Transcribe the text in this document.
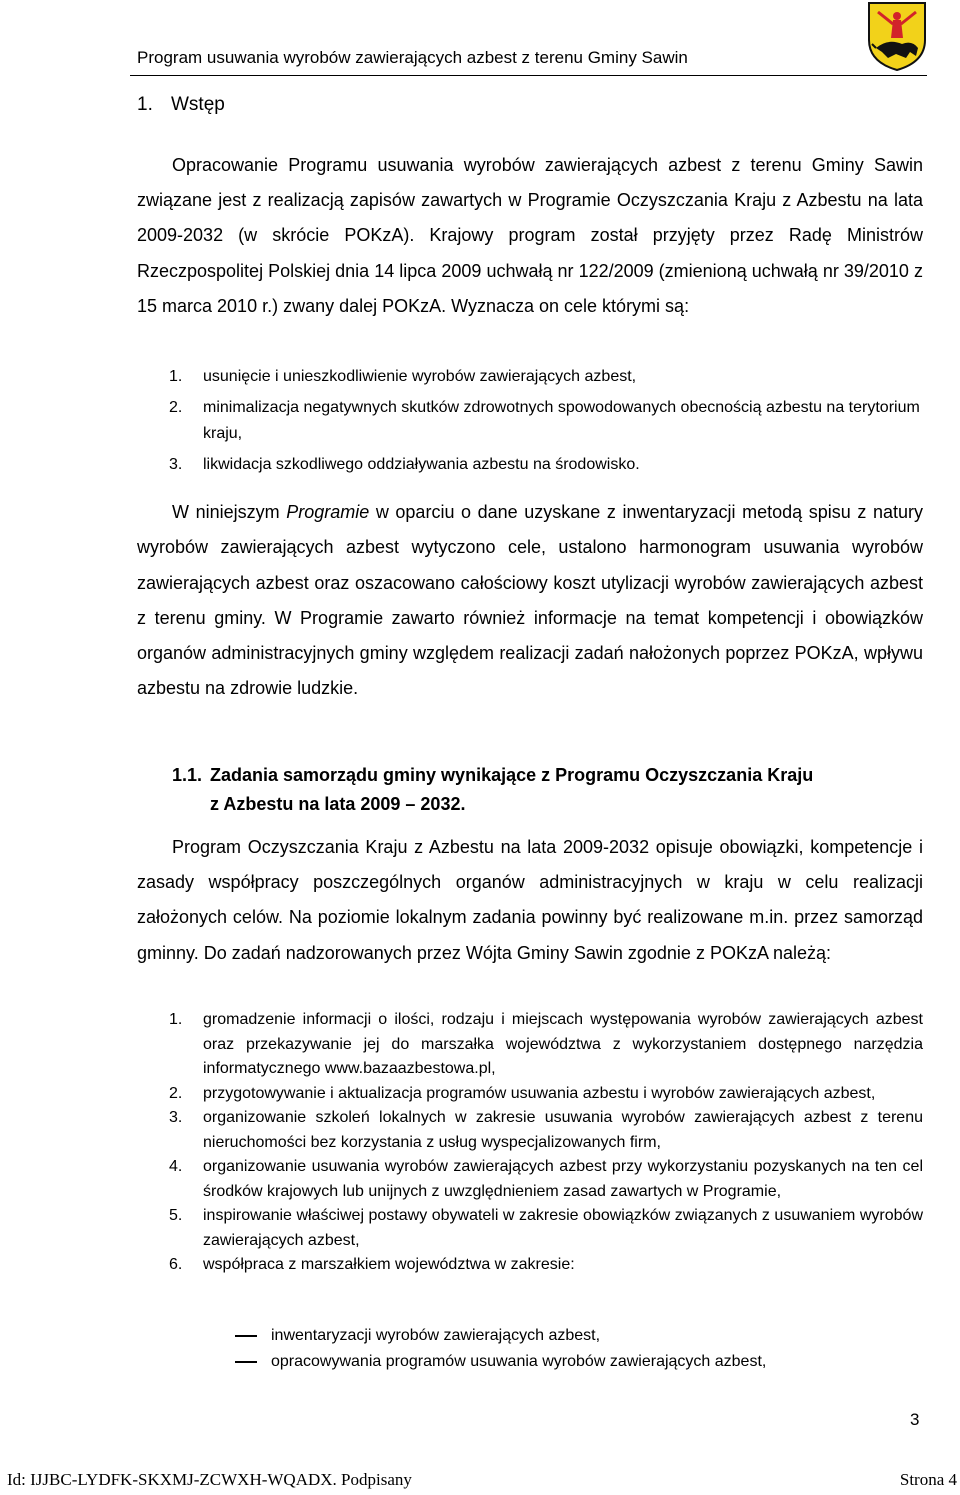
Program usuwania wyrobów zawierających azbest z terenu Gminy Sawin
1. Wstęp

Opracowanie Programu usuwania wyrobów zawierających azbest z terenu Gminy Sawin związane jest z realizacją zapisów zawartych w Programie Oczyszczania Kraju z Azbestu na lata 2009-2032 (w skrócie POKzA). Krajowy program został przyjęty przez Radę Ministrów Rzeczpospolitej Polskiej dnia 14 lipca 2009 uchwałą nr 122/2009 (zmienioną uchwałą nr 39/2010 z 15 marca 2010 r.) zwany dalej POKzA. Wyznacza on cele którymi są:

1. usunięcie i unieszkodliwienie wyrobów zawierających azbest,
2. minimalizacja negatywnych skutków zdrowotnych spowodowanych obecnością azbestu na terytorium kraju,
3. likwidacja szkodliwego oddziaływania azbestu na środowisko.

W niniejszym Programie w oparciu o dane uzyskane z inwentaryzacji metodą spisu z natury wyrobów zawierających azbest wytyczono cele, ustalono harmonogram usuwania wyrobów zawierających azbest oraz oszacowano całościowy koszt utylizacji wyrobów zawierających azbest z terenu gminy. W Programie zawarto również informacje na temat kompetencji i obowiązków organów administracyjnych gminy względem realizacji zadań nałożonych poprzez POKzA, wpływu azbestu na zdrowie ludzkie.

1.1. Zadania samorządu gminy wynikające z Programu Oczyszczania Kraju
z Azbestu na lata 2009 – 2032.

Program Oczyszczania Kraju z Azbestu na lata 2009-2032 opisuje obowiązki, kompetencje i zasady współpracy poszczególnych organów administracyjnych w kraju w celu realizacji założonych celów. Na poziomie lokalnym zadania powinny być realizowane m.in. przez samorząd gminny. Do zadań nadzorowanych przez Wójta Gminy Sawin zgodnie z POKzA należą:

1. gromadzenie informacji o ilości, rodzaju i miejscach występowania wyrobów zawierających azbest oraz przekazywanie jej do marszałka województwa z wykorzystaniem dostępnego narzędzia informatycznego www.bazaazbestowa.pl,
2. przygotowywanie i aktualizacja programów usuwania azbestu i wyrobów zawierających azbest,
3. organizowanie szkoleń lokalnych w zakresie usuwania wyrobów zawierających azbest z terenu nieruchomości bez korzystania z usług wyspecjalizowanych firm,
4. organizowanie usuwania wyrobów zawierających azbest przy wykorzystaniu pozyskanych na ten cel środków krajowych lub unijnych z uwzględnieniem zasad zawartych w Programie,
5. inspirowanie właściwej postawy obywateli w zakresie obowiązków związanych z usuwaniem wyrobów zawierających azbest,
6. współpraca z marszałkiem województwa w zakresie:
inwentaryzacji wyrobów zawierających azbest,
opracowywania programów usuwania wyrobów zawierających azbest,
3
Id: IJJBC-LYDFK-SKXMJ-ZCWXH-WQADX. Podpisany	Strona 4
